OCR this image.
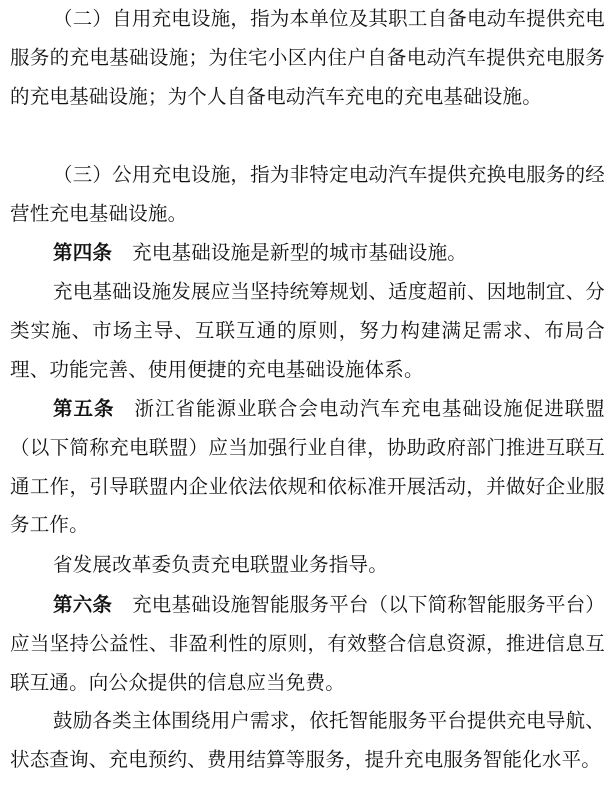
（二）自用充电设施，指为本单位及其职工自备电动车提供充电服务的充电基础设施；为住宅小区内住户自备电动汽车提供充电服务的充电基础设施；为个人自备电动汽车充电的充电基础设施。

（三）公用充电设施，指为非特定电动汽车提供充换电服务的经营性充电基础设施。

第四条 充电基础设施是新型的城市基础设施。

充电基础设施发展应当坚持统筹规划、适度超前、因地制宜、分类实施、市场主导、互联互通的原则，努力构建满足需求、布局合理、功能完善、使用便捷的充电基础设施体系。

第五条 浙江省能源业联合会电动汽车充电基础设施促进联盟（以下简称充电联盟）应当加强行业自律，协助政府部门推进互联互通工作，引导联盟内企业依法依规和依标准开展活动，并做好企业服务工作。

省发展改革委负责充电联盟业务指导。

第六条 充电基础设施智能服务平台（以下简称智能服务平台）应当坚持公益性、非盈利性的原则，有效整合信息资源，推进信息互联互通。向公众提供的信息应当免费。

鼓励各类主体围绕用户需求，依托智能服务平台提供充电导航、状态查询、充电预约、费用结算等服务，提升充电服务智能化水平。
